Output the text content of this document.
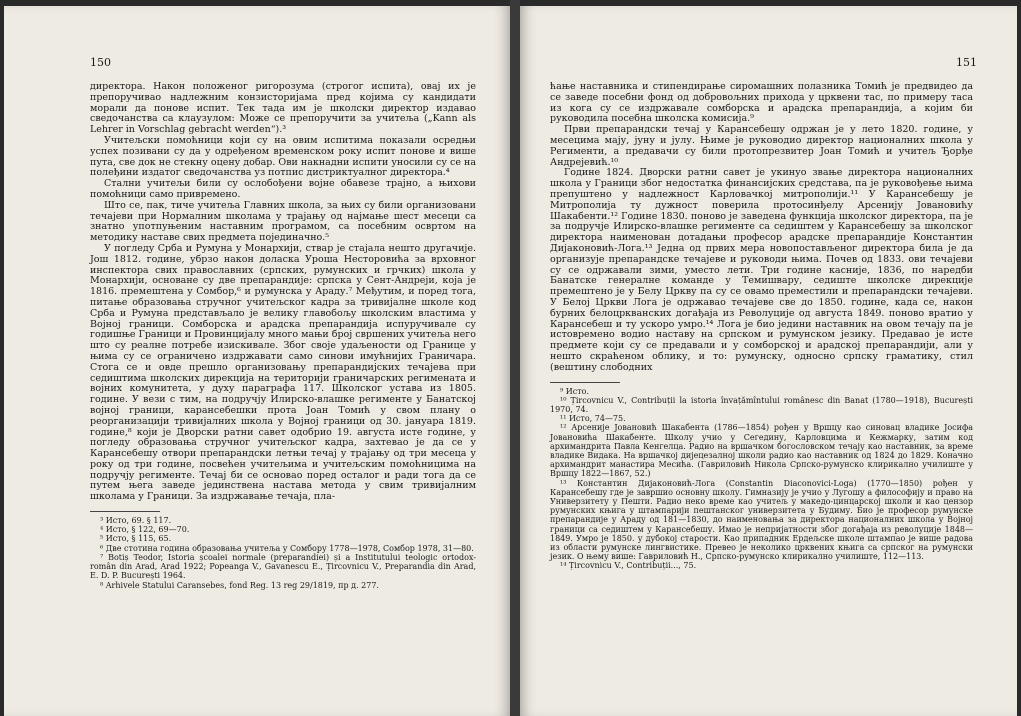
150

директора. Након положеног ригорозума (строгог испита), овај их је препоручивао надлежним конзисторијама пред којима су кандидати морали да понове испит. Тек тада им је школски директор издавао сведочанства са клаузулом: Може се препоручити за учитеља („Kann als Lehrer in Vorschlag gebracht werden“).³

Учитељски помоћници који су на овим испитима показали осредњи успех позивани су да у одређеном временском року испит понове и више пута, све док не стекну оцену добар. Ови накнадни испити уносили су се на полеђини издатог сведочанства уз потпис дистриктуалног директора.⁴

Стални учитељи били су ослобођени војне обавезе трајно, а њихови помоћници само привремено.

Што се, пак, тиче учитеља Главних школа, за њих су били организовани течајеви при Нормалним школама у трајању од најмање шест месеци са знатно употпуњеним наставним програмом, са посебним освртом на методику наставе свих предмета појединачно.⁵

У погледу Срба и Румуна у Монархији, ствар је стајала нешто другачије. Још 1812. године, убрзо након доласка Уроша Несторовића за врховног инспектора свих православних (српских, румунских и грчких) школа у Монархији, основане су две препарандије: српска у Сент-Андреји, која је 1816. премештена у Сомбор,⁶ и румунска у Араду.⁷ Међутим, и поред тога, питање образовања стручног учитељског кадра за тривијалне школе код Срба и Румуна представљало је велику главобољу школским властима у Војној граници. Сомборска и арадска препарандија испуручивале су годишње Граници и Провинцијалу много мањи број свршених учитеља него што су реалне потребе изискивале. Због своје удаљености од Границе у њима су се ограничено издржавати само синови имућнијих Граничара. Стога се и овде прешло организовању препарандијских течајева при седиштима школских дирекција на територији граничарских регимената и војних комунитета, у духу параграфа 117. Школског устава из 1805. године. У вези с тим, на подручју Илирско-влашке регименте у Банатској војној граници, карансебешки прота Јоан Томић у свом плану о реорганизацији тривијалних школа у Војној граници од 30. јануара 1819. године,⁸ који је Дворски ратни савет одобрио 19. августа исте године, у погледу образовања стручног учитељског кадра, захтевао је да се у Карансебешу отвори препарандски летњи течај у трајању од три месеца у року од три године, посвећен учитељима и учитељским помоћницима на подручју регименте. Течај би се основао поред осталог и ради тога да се путем њега заведе јединствена настава метода у свим тривијалним школама у Граници. За издржавање течаја, пла-

³ Исто, 69. § 117.

⁴ Исто, § 122, 69—70.

⁵ Исто, § 115, 65.

⁶ Две стотина година образовања учитеља у Сомбору 1778—1978, Сомбор 1978, 31—80.

⁷ Botiș Teodor, Istoria școalei normale (preparandiei) și a Institutului teologic ortodox-român din Arad, Arad 1922; Popeanga V., Gavanescu E., Țircovnicu V., Preparandia din Arad, E. D. P. București 1964.

⁸ Arhivele Statului Caransebes, fond Reg. 13 reg 29/1819, пр д. 277.

151

ћање наставника и стипендирање сиромашних полазника Томић је предвидео да се заведе посебни фонд од добровољних прихода у црквени тас, по примеру таса из кога су се издржавале сомборска и арадска препарандија, а којим би руководила посебна школска комисија.⁹

Први препарандски течај у Карансебешу одржан је у лето 1820. године, у месецима мају, јуну и јулу. Њиме је руководио директор националних школа у Регименти, а предавачи су били протопрезвитер Јоан Томић и учитељ Ђорђе Андрејевић.¹⁰

Године 1824. Дворски ратни савет је укинуо звање директора националних школа у Граници због недостатка финансијских средстава, па је руковођење њима препуштено у надлежност Карловачкој митрополији.¹¹ У Карансебешу је Митрополија ту дужност поверила протосинђелу Арсенију Јовановићу Шакабенти.¹² Године 1830. поново је заведена функција школског директора, па је за подручје Илирско-влашке регименте са седиштем у Карансебешу за школског директора наименован дотадањи професор арадске препарандије Константин Дијаконовић-Лога.¹³ Једна од првих мера новопостављеног директора била је да организује препарандске течајеве и руководи њима. Почев од 1833. ови течајеви су се одржавали зими, уместо лети. Три године касније, 1836, по наредби Банатске генералне команде у Темишвару, седиште школске дирекције премештено је у Белу Цркву па су се овамо преместили и препарандски течајеви. У Белој Цркви Лога је одржавао течајеве све до 1850. године, када се, након бурних белоцркванских догађаја из Револуције од августа 1849. поново вратио у Карансебеш и ту ускоро умро.¹⁴ Лога је био једини наставник на овом течају па је истовремено водио наставу на српском и румунском језику. Предавао је исте предмете који су се предавали и у сомборској и арадској препарандији, али у нешто скраћеном облику, и то: румунску, односно српску граматику, стил (вештину слободних

⁹ Исто.

¹⁰ Țircovnicu V., Contribuții la istoria învațămîntului românesc din Banat (1780—1918), București 1970, 74.

¹¹ Исто, 74—75.

¹² Арсеније Јовановић Шакабента (1786—1854) рођен у Вршцу као синовац владике Јосифа Јовановића Шакабенте. Школу учио у Сегедину, Карловцима и Кежмарку, затим код архимандрита Павла Кенгелца. Радио на вршачком богословском течају као наставник, за време владике Видака. На вршачкој дијецезалној школи радио као наставник од 1824 до 1829. Коначно архимандрит манастира Месића. (Гавриловић Никола Српско-румунско клирикално училиште у Вршцу 1822—1867, 52.)

¹³ Константин Дијаконовић-Лога (Constantin Diaconovici-Loga) (1770—1850) рођен у Карансебешу где је завршио основну школу. Гимназију је учио у Лугошу а философију и право на Универзитету у Пешти. Радио неко време као учитељ у македо-цинцарској школи и као цензор румунских књига у штампарији пештанског универзитета у Будиму. Био је професор румунске препарандије у Араду од 181—1830, до наименовања за директора националних школа у Војној граници са седиштем у Карансебешу. Имао је непријатности због догађаја из револуције 1848—1849. Умро је 1850. у дубокој старости. Као припадник Ердељске школе штампао је више радова из области румунске лингвистике. Превео је неколико црквених књига са српског на румунски језик. О њему више: Гавриловић Н., Српско-румунско клирикално училиште, 112—113.

¹⁴ Țircovnicu V., Contribuții..., 75.
